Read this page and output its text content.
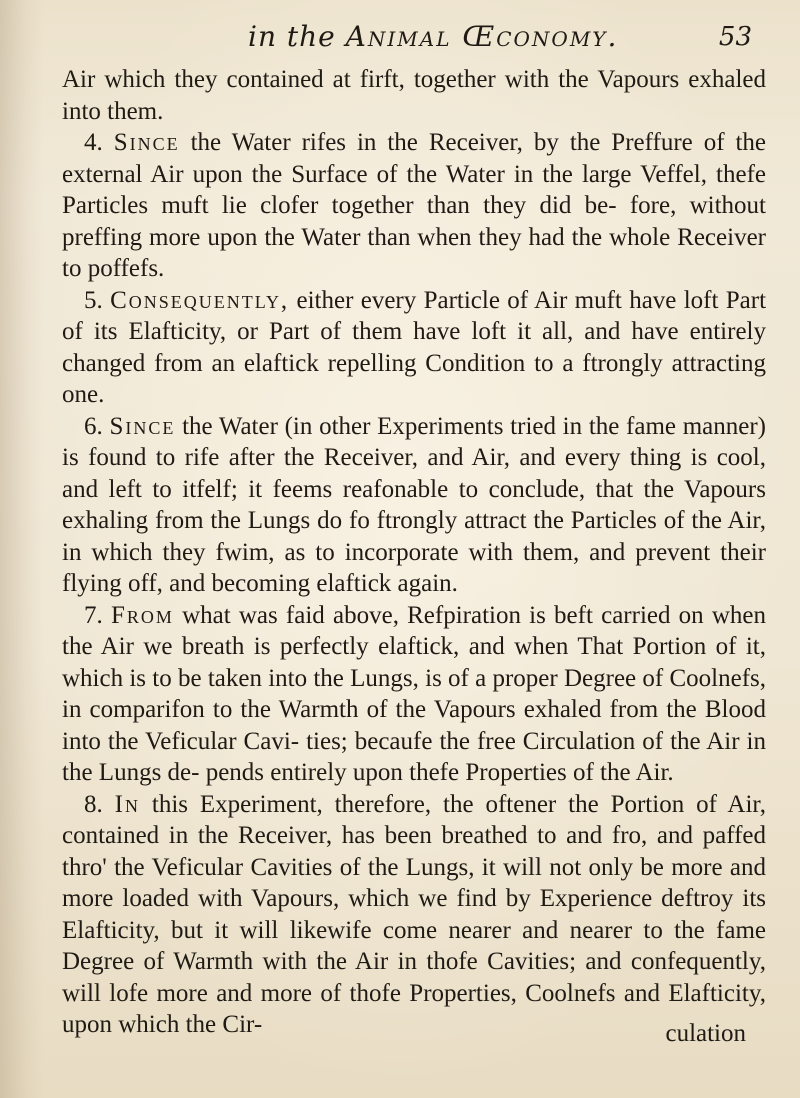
in the Animal Œconomy.	53

Air which they contained at firft, together with the Vapours exhaled into them.

4. Since the Water rifes in the Receiver, by the Preffure of the external Air upon the Surface of the Water in the large Veffel, thefe Particles muft lie clofer together than they did be- fore, without preffing more upon the Water than when they had the whole Receiver to poffefs.

5. Consequently, either every Particle of Air muft have loft Part of its Elafticity, or Part of them have loft it all, and have entirely changed from an elaftick repelling Condition to a ftrongly attracting one.

6. Since the Water (in other Experiments tried in the fame manner) is found to rife after the Receiver, and Air, and every thing is cool, and left to itfelf; it feems reafonable to conclude, that the Vapours exhaling from the Lungs do fo ftrongly attract the Particles of the Air, in which they fwim, as to incorporate with them, and prevent their flying off, and becoming elaftick again.

7. From what was faid above, Refpiration is beft carried on when the Air we breath is perfectly elaftick, and when That Portion of it, which is to be taken into the Lungs, is of a proper Degree of Coolnefs, in comparifon to the Warmth of the Vapours exhaled from the Blood into the Veficular Cavi- ties; becaufe the free Circulation of the Air in the Lungs de- pends entirely upon thefe Properties of the Air.

8. In this Experiment, therefore, the oftener the Portion of Air, contained in the Receiver, has been breathed to and fro, and paffed thro' the Veficular Cavities of the Lungs, it will not only be more and more loaded with Vapours, which we find by Experience deftroy its Elafticity, but it will likewife come nearer and nearer to the fame Degree of Warmth with the Air in thofe Cavities; and confequently, will lofe more and more of thofe Properties, Coolnefs and Elafticity, upon which the Cir-	culation
